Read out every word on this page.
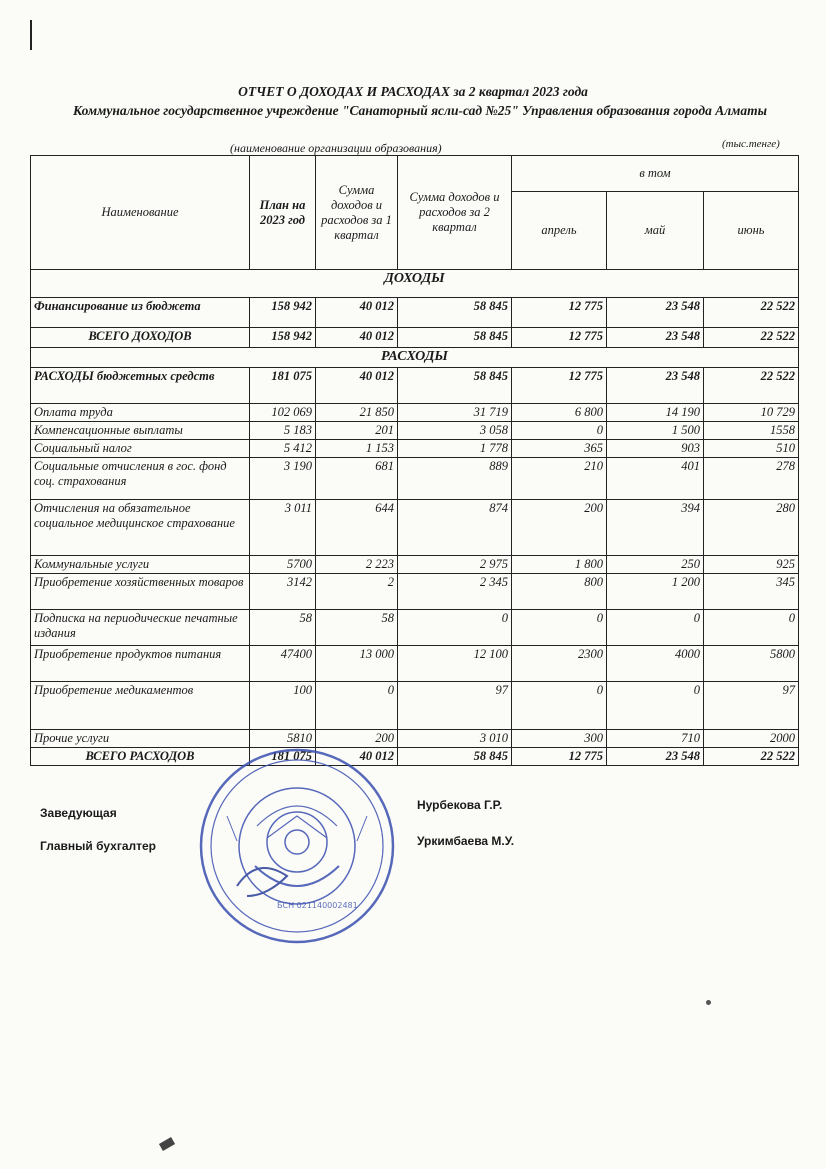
ОТЧЕТ О ДОХОДАХ И РАСХОДАХ за 2 квартал 2023 года
Коммунальное государственное учреждение "Санаторный ясли-сад №25" Управления образования города Алматы
(наименование организации образования)	(тыс.тенге)
Наименование	План на 2023 год	Сумма доходов и расходов за 1 квартал	Сумма доходов и расходов за 2 квартал	в том		
				апрель	май	июнь
ДОХОДЫ						
Финансирование из бюджета	158 942	40 012	58 845	12 775	23 548	22 522
ВСЕГО ДОХОДОВ	158 942	40 012	58 845	12 775	23 548	22 522
РАСХОДЫ						
РАСХОДЫ бюджетных средств	181 075	40 012	58 845	12 775	23 548	22 522
Оплата труда	102 069	21 850	31 719	6 800	14 190	10 729
Компенсационные выплаты	5 183	201	3 058	0	1 500	1558
Социальный налог	5 412	1 153	1 778	365	903	510
Социальные отчисления в гос. фонд соц. страхования	3 190	681	889	210	401	278
Отчисления на обязательное социальное медицинское страхование	3 011	644	874	200	394	280
Коммунальные услуги	5700	2 223	2 975	1 800	250	925
Приобретение хозяйственных товаров	3142	2	2 345	800	1 200	345
Подписка на периодические печатные издания	58	58	0	0	0	0
Приобретение продуктов питания	47400	13 000	12 100	2300	4000	5800
Приобретение медикаментов	100	0	97	0	0	97
Прочие услуги	5810	200	3 010	300	710	2000
ВСЕГО РАСХОДОВ	181 075	40 012	58 845	12 775	23 548	22 522
БСН 021140002481
Заведующая
Нурбекова Г.Р.
Главный бухгалтер	Уркимбаева М.У.
